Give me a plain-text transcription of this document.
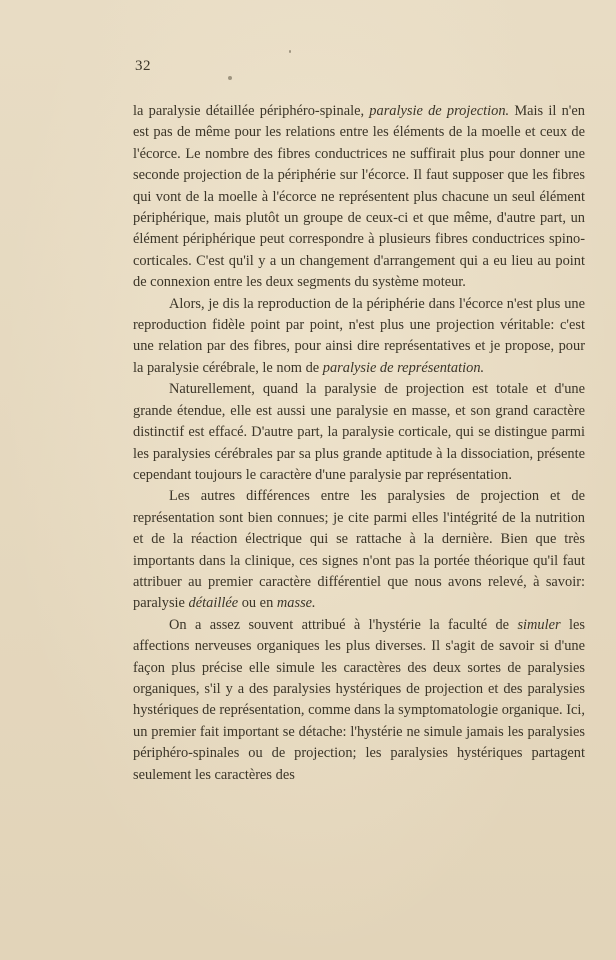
32

la paralysie détaillée périphéro-spinale, paralysie de projection. Mais il n'en est pas de même pour les relations entre les éléments de la moelle et ceux de l'écorce. Le nombre des fibres conductrices ne suffirait plus pour donner une seconde projection de la périphérie sur l'écorce. Il faut supposer que les fibres qui vont de la moelle à l'écorce ne représentent plus chacune un seul élément périphérique, mais plutôt un groupe de ceux-ci et que même, d'autre part, un élément périphérique peut correspondre à plusieurs fibres conductrices spino-corticales. C'est qu'il y a un changement d'arrangement qui a eu lieu au point de connexion entre les deux segments du système moteur.

Alors, je dis la reproduction de la périphérie dans l'écorce n'est plus une reproduction fidèle point par point, n'est plus une projection véritable: c'est une relation par des fibres, pour ainsi dire représentatives et je propose, pour la paralysie cérébrale, le nom de paralysie de représentation.

Naturellement, quand la paralysie de projection est totale et d'une grande étendue, elle est aussi une paralysie en masse, et son grand caractère distinctif est effacé. D'autre part, la paralysie corticale, qui se distingue parmi les paralysies cérébrales par sa plus grande aptitude à la dissociation, présente cependant toujours le caractère d'une paralysie par représentation.

Les autres différences entre les paralysies de projection et de représentation sont bien connues; je cite parmi elles l'intégrité de la nutrition et de la réaction électrique qui se rattache à la dernière. Bien que très importants dans la clinique, ces signes n'ont pas la portée théorique qu'il faut attribuer au premier caractère différentiel que nous avons relevé, à savoir: paralysie détaillée ou en masse.

On a assez souvent attribué à l'hystérie la faculté de simuler les affections nerveuses organiques les plus diverses. Il s'agit de savoir si d'une façon plus précise elle simule les caractères des deux sortes de paralysies organiques, s'il y a des paralysies hystériques de projection et des paralysies hystériques de représentation, comme dans la symptomatologie organique. Ici, un premier fait important se détache: l'hystérie ne simule jamais les paralysies périphéro-spinales ou de projection; les paralysies hystériques partagent seulement les caractères des
